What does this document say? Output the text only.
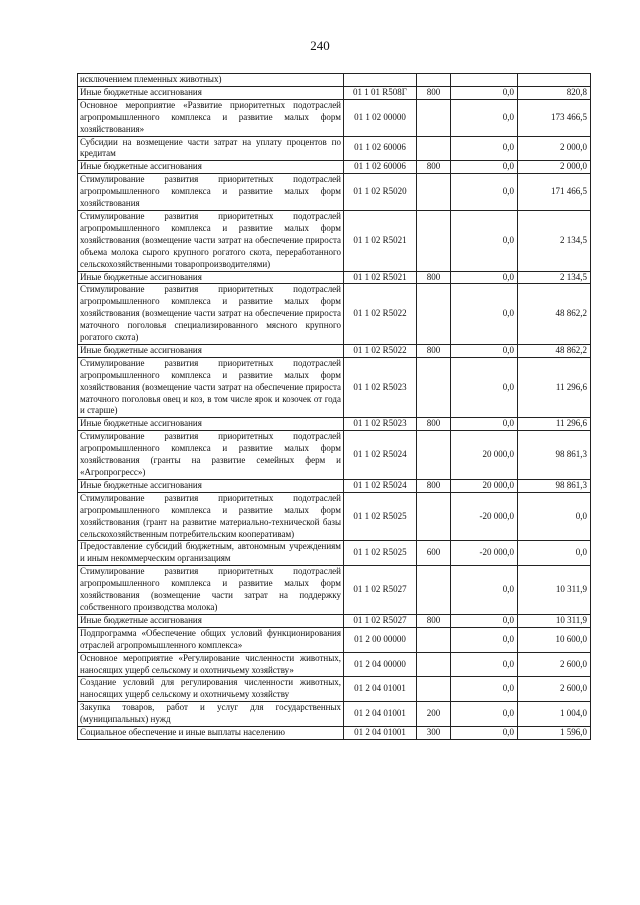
240
исключением племенных животных)				
Иные бюджетные ассигнования	01 1 01 R508Г	800	0,0	820,8
Основное мероприятие «Развитие приоритетных подотраслей агропромышленного комплекса и развитие малых форм хозяйствования»	01 1 02 00000		0,0	173 466,5
Субсидии на возмещение части затрат на уплату процентов по кредитам	01 1 02 60006		0,0	2 000,0
Иные бюджетные ассигнования	01 1 02 60006	800	0,0	2 000,0
Стимулирование развития приоритетных подотраслей агропромышленного комплекса и развитие малых форм хозяйствования	01 1 02 R5020		0,0	171 466,5
Стимулирование развития приоритетных подотраслей агропромышленного комплекса и развитие малых форм хозяйствования (возмещение части затрат на обеспечение прироста объема молока сырого крупного рогатого скота, переработанного сельскохозяйственными товаропроизводителями)	01 1 02 R5021		0,0	2 134,5
Иные бюджетные ассигнования	01 1 02 R5021	800	0,0	2 134,5
Стимулирование развития приоритетных подотраслей агропромышленного комплекса и развитие малых форм хозяйствования (возмещение части затрат на обеспечение прироста маточного поголовья специализированного мясного крупного рогатого скота)	01 1 02 R5022		0,0	48 862,2
Иные бюджетные ассигнования	01 1 02 R5022	800	0,0	48 862,2
Стимулирование развития приоритетных подотраслей агропромышленного комплекса и развитие малых форм хозяйствования (возмещение части затрат на обеспечение прироста маточного поголовья овец и коз, в том числе ярок и козочек от года и старше)	01 1 02 R5023		0,0	11 296,6
Иные бюджетные ассигнования	01 1 02 R5023	800	0,0	11 296,6
Стимулирование развития приоритетных подотраслей агропромышленного комплекса и развитие малых форм хозяйствования (гранты на развитие семейных ферм и «Агропрогресс»)	01 1 02 R5024		20 000,0	98 861,3
Иные бюджетные ассигнования	01 1 02 R5024	800	20 000,0	98 861,3
Стимулирование развития приоритетных подотраслей агропромышленного комплекса и развитие малых форм хозяйствования (грант на развитие материально-технической базы сельскохозяйственным потребительским кооперативам)	01 1 02 R5025		-20 000,0	0,0
Предоставление субсидий бюджетным, автономным учреждениям и иным некоммерческим организациям	01 1 02 R5025	600	-20 000,0	0,0
Стимулирование развития приоритетных подотраслей агропромышленного комплекса и развитие малых форм хозяйствования (возмещение части затрат на поддержку собственного производства молока)	01 1 02 R5027		0,0	10 311,9
Иные бюджетные ассигнования	01 1 02 R5027	800	0,0	10 311,9
Подпрограмма «Обеспечение общих условий функционирования отраслей агропромышленного комплекса»	01 2 00 00000		0,0	10 600,0
Основное мероприятие «Регулирование численности животных, наносящих ущерб сельскому и охотничьему хозяйству»	01 2 04 00000		0,0	2 600,0
Создание условий для регулирования численности животных, наносящих ущерб сельскому и охотничьему хозяйству	01 2 04 01001		0,0	2 600,0
Закупка товаров, работ и услуг для государственных (муниципальных) нужд	01 2 04 01001	200	0,0	1 004,0
Социальное обеспечение и иные выплаты населению	01 2 04 01001	300	0,0	1 596,0
